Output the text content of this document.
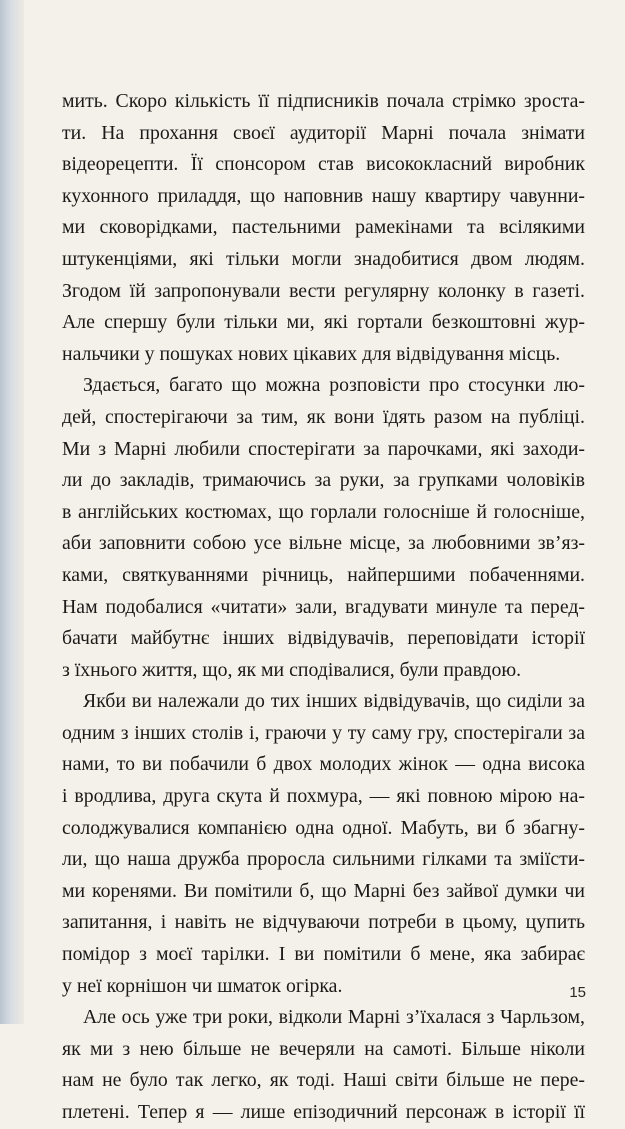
мить. Скоро кількість її підписників почала стрімко зроста-
ти. На прохання своєї аудиторії Марні почала знімати
відеорецепти. Її спонсором став висококласний виробник
кухонного приладдя, що наповнив нашу квартиру чавунни-
ми сковорідками, пастельними рамекінами та всілякими
штукенціями, які тільки могли знадобитися двом людям.
Згодом їй запропонували вести регулярну колонку в газеті.
Але спершу були тільки ми, які гортали безкоштовні жур-
нальчики у пошуках нових цікавих для відвідування місць.

Здається, багато що можна розповісти про стосунки лю-
дей, спостерігаючи за тим, як вони їдять разом на публіці.
Ми з Марні любили спостерігати за парочками, які заходи-
ли до закладів, тримаючись за руки, за групками чоловіків
в англійських костюмах, що горлали голосніше й голосніше,
аби заповнити собою усе вільне місце, за любовними зв’яз-
ками, святкуваннями річниць, найпершими побаченнями.
Нам подобалися «читати» зали, вгадувати минуле та перед-
бачати майбутнє інших відвідувачів, переповідати історії
з їхнього життя, що, як ми сподівалися, були правдою.

Якби ви належали до тих інших відвідувачів, що сиділи за
одним з інших столів і, граючи у ту саму гру, спостерігали за
нами, то ви побачили б двох молодих жінок — одна висока
і вродлива, друга скута й похмура, — які повною мірою на-
солоджувалися компанією одна одної. Мабуть, ви б збагну-
ли, що наша дружба проросла сильними гілками та зміїсти-
ми коренями. Ви помітили б, що Марні без зайвої думки чи
запитання, і навіть не відчуваючи потреби в цьому, цупить
помідор з моєї тарілки. І ви помітили б мене, яка забирає
у неї корнішон чи шматок огірка.

Але ось уже три роки, відколи Марні з’їхалася з Чарльзом,
як ми з нею більше не вечеряли на самоті. Більше ніколи
нам не було так легко, як тоді. Наші світи більше не пере-
плетені. Тепер я — лише епізодичний персонаж в історії її

15
